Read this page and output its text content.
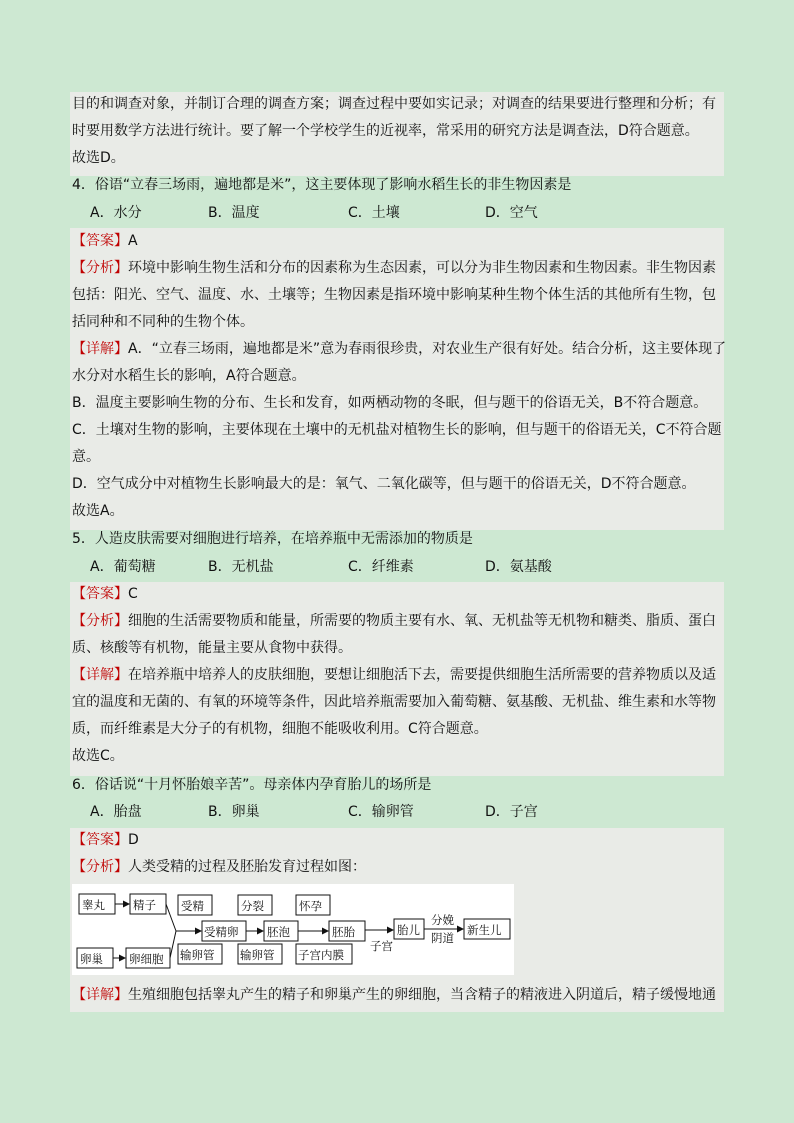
目的和调查对象，并制订合理的调查方案；调查过程中要如实记录；对调查的结果要进行整理和分析；有
时要用数学方法进行统计。要了解一个学校学生的近视率，常采用的研究方法是调查法，D符合题意。
故选D。
4．俗语“立春三场雨，遍地都是米”，这主要体现了影响水稻生长的非生物因素是
A．水分	B．温度	C．土壤	D．空气
【答案】A
【分析】环境中影响生物生活和分布的因素称为生态因素，可以分为非生物因素和生物因素。非生物因素
包括：阳光、空气、温度、水、土壤等；生物因素是指环境中影响某种生物个体生活的其他所有生物，包
括同种和不同种的生物个体。
【详解】A．“立春三场雨，遍地都是米”意为春雨很珍贵，对农业生产很有好处。结合分析，这主要体现了
水分对水稻生长的影响，A符合题意。
B．温度主要影响生物的分布、生长和发育，如两栖动物的冬眠，但与题干的俗语无关，B不符合题意。
C．土壤对生物的影响，主要体现在土壤中的无机盐对植物生长的影响，但与题干的俗语无关，C不符合题
意。
D．空气成分中对植物生长影响最大的是：氧气、二氧化碳等，但与题干的俗语无关，D不符合题意。
故选A。
5．人造皮肤需要对细胞进行培养，在培养瓶中无需添加的物质是
A．葡萄糖	B．无机盐	C．纤维素	D．氨基酸
【答案】C
【分析】细胞的生活需要物质和能量，所需要的物质主要有水、氧、无机盐等无机物和糖类、脂质、蛋白
质、核酸等有机物，能量主要从食物中获得。
【详解】在培养瓶中培养人的皮肤细胞，要想让细胞活下去，需要提供细胞生活所需要的营养物质以及适
宜的温度和无菌的、有氧的环境等条件，因此培养瓶需要加入葡萄糖、氨基酸、无机盐、维生素和水等物
质，而纤维素是大分子的有机物，细胞不能吸收利用。C符合题意。
故选C。
6．俗话说“十月怀胎娘辛苦”。母亲体内孕育胎儿的场所是
A．胎盘	B．卵巢	C．输卵管	D．子宫
【答案】D
【分析】人类受精的过程及胚胎发育过程如图：
睾丸 精子 受精	分裂	怀孕
受精卵 胚泡	胚胎	胎儿	新生儿
卵巢 卵细胞 输卵管 输卵管 子宫内膜
子宫
分娩
阴道
【详解】生殖细胞包括睾丸产生的精子和卵巢产生的卵细胞，当含精子的精液进入阴道后，精子缓慢地通
